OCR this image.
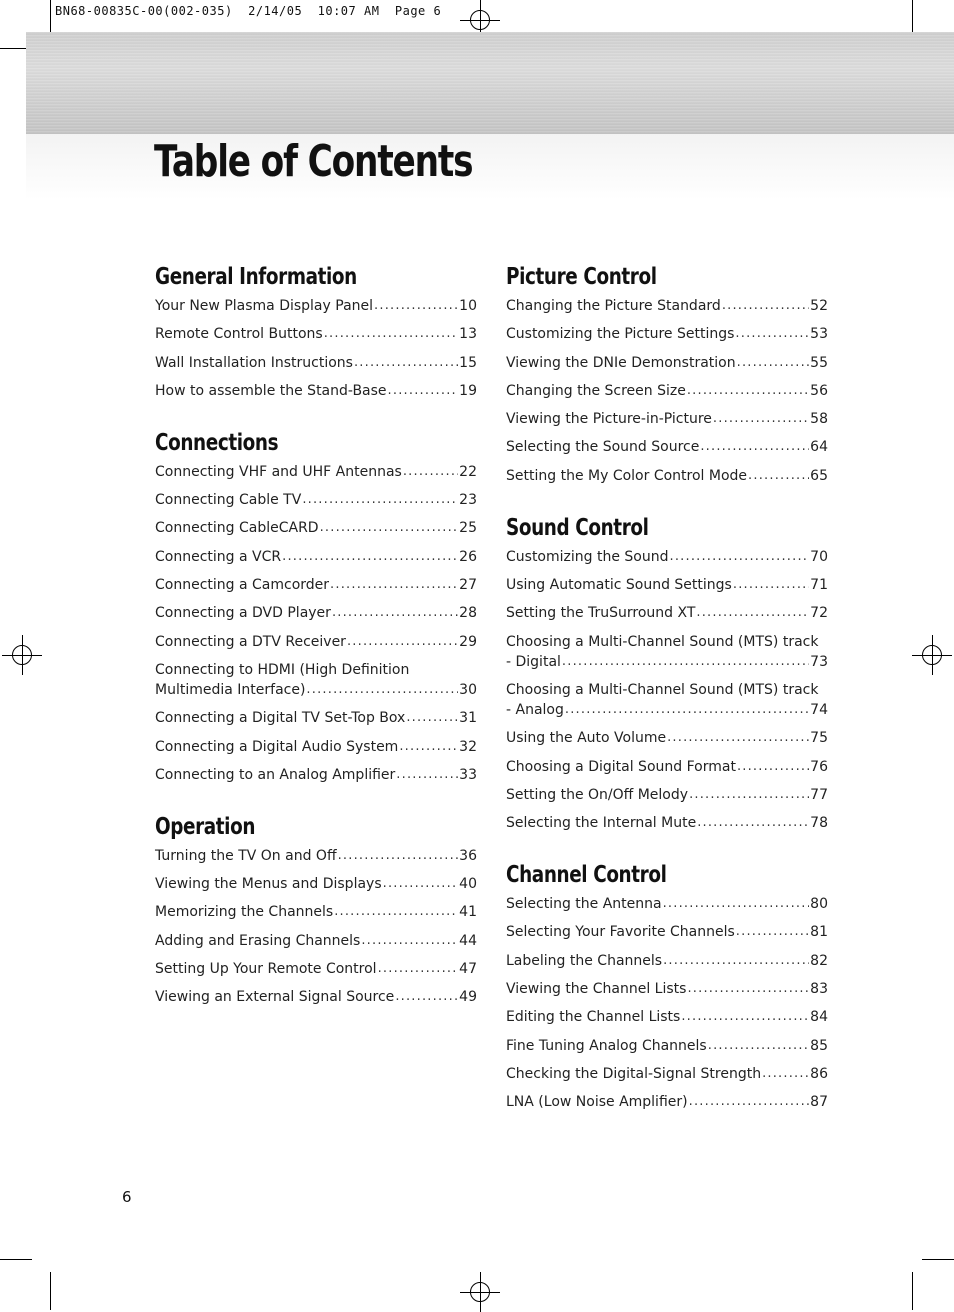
BN68-00835C-00(002-035)  2/14/05  10:07 AM  Page 6
Table of Contents
General Information
Your New Plasma Display Panel .....	10
Remote Control Buttons .....	13
Wall Installation Instructions .....	15
How to assemble the Stand-Base .....	19
Connections
Connecting VHF and UHF Antennas .....	22
Connecting Cable TV .....	23
Connecting CableCARD .....	25
Connecting a VCR .....	26
Connecting a Camcorder .....	27
Connecting a DVD Player .....	28
Connecting a DTV Receiver .....	29
Connecting to HDMI (High Definition
Multimedia Interface) .....	30
Connecting a Digital TV Set-Top Box .....	31
Connecting a Digital Audio System .....	32
Connecting to an Analog Amplifier .....	33
Operation
Turning the TV On and Off .....	36
Viewing the Menus and Displays .....	40
Memorizing the Channels .....	41
Adding and Erasing Channels .....	44
Setting Up Your Remote Control .....	47
Viewing an External Signal Source .....	49
Picture Control
Changing the Picture Standard .....	52
Customizing the Picture Settings .....	53
Viewing the DNIe Demonstration .....	55
Changing the Screen Size .....	56
Viewing the Picture-in-Picture .....	58
Selecting the Sound Source .....	64
Setting the My Color Control Mode .....	65
Sound Control
Customizing the Sound .....	70
Using Automatic Sound Settings .....	71
Setting the TruSurround XT .....	72
Choosing a Multi-Channel Sound (MTS) track
- Digital .....	73
Choosing a Multi-Channel Sound (MTS) track
- Analog .....	74
Using the Auto Volume .....	75
Choosing a Digital Sound Format .....	76
Setting the On/Off Melody .....	77
Selecting the Internal Mute .....	78
Channel Control
Selecting the Antenna .....	80
Selecting Your Favorite Channels .....	81
Labeling the Channels .....	82
Viewing the Channel Lists .....	83
Editing the Channel Lists .....	84
Fine Tuning Analog Channels .....	85
Checking the Digital-Signal Strength .....	86
LNA (Low Noise Amplifier) .....	87
6
